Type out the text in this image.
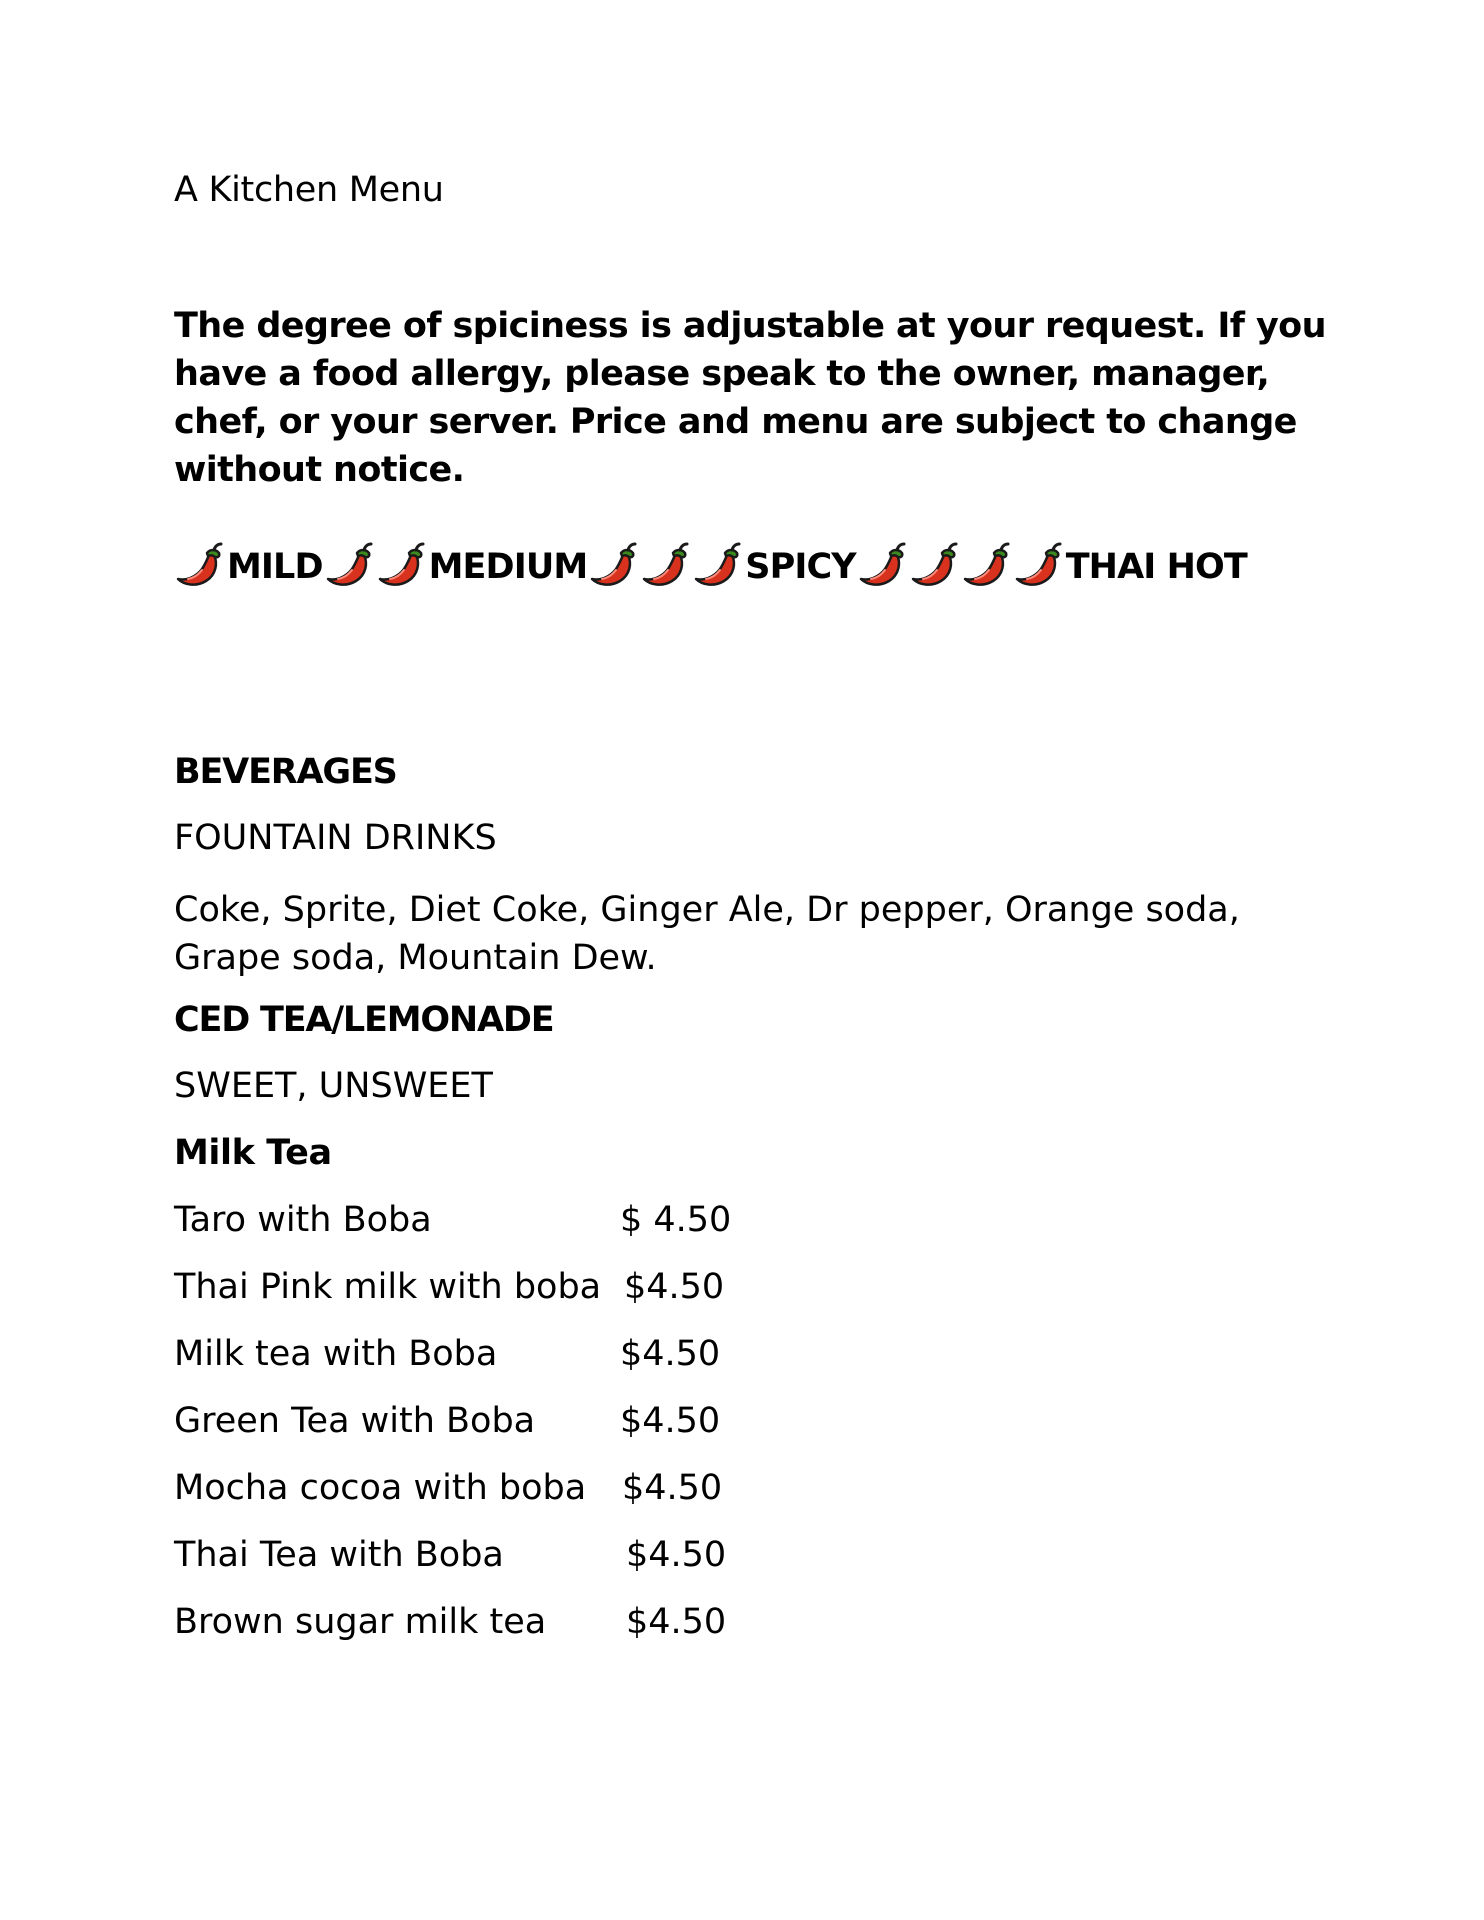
A Kitchen Menu
The degree of spiciness is adjustable at your request. If you have a food allergy, please speak to the owner, manager, chef, or your server. Price and menu are subject to change without notice.
MILD	MEDIUM	SPICY	THAI HOT
BEVERAGES
FOUNTAIN DRINKS
Coke, Sprite, Diet Coke, Ginger Ale, Dr pepper, Orange soda, Grape soda, Mountain Dew.
CED TEA/LEMONADE
SWEET, UNSWEET
Milk Tea
Taro with Boba	$ 4.50
Thai Pink milk with boba $4.50
Milk tea with Boba	$4.50
Green Tea with Boba $4.50
Mocha cocoa with boba $4.50
Thai Tea with Boba	$4.50
Brown sugar milk tea $4.50
